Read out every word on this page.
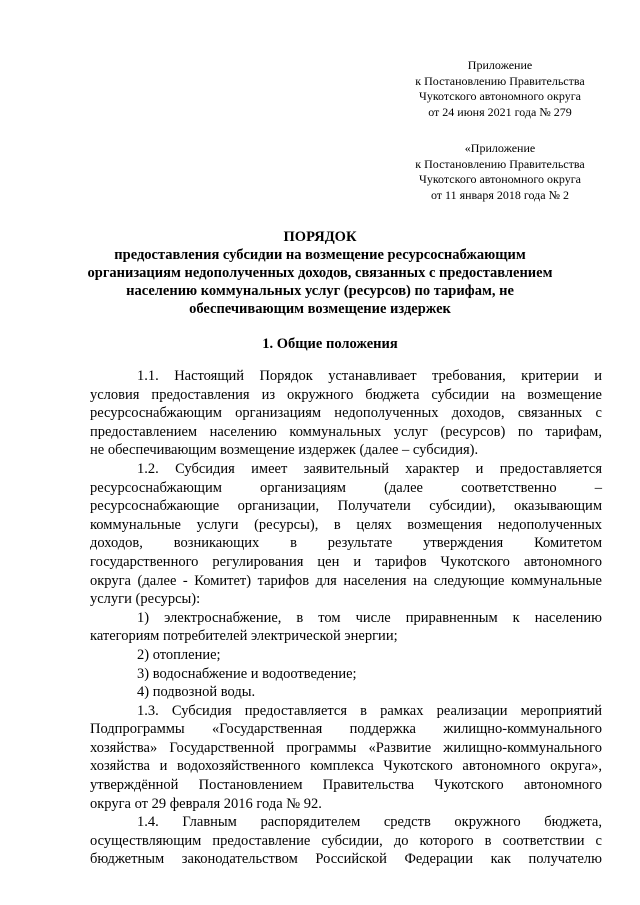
Приложение
к Постановлению Правительства
Чукотского автономного округа
от 24 июня 2021 года № 279
«Приложение
к Постановлению Правительства
Чукотского автономного округа
от 11 января 2018 года № 2
ПОРЯДОК
предоставления субсидии на возмещение ресурсоснабжающим
организациям недополученных доходов, связанных с предоставлением
населению коммунальных услуг (ресурсов) по тарифам, не
обеспечивающим возмещение издержек
1. Общие положения
1.1. Настоящий Порядок устанавливает требования, критерии и
условия предоставления из окружного бюджета субсидии на возмещение
ресурсоснабжающим организациям недополученных доходов, связанных с
предоставлением населению коммунальных услуг (ресурсов) по тарифам,
не обеспечивающим возмещение издержек (далее – субсидия).
1.2. Субсидия имеет заявительный характер и предоставляется
ресурсоснабжающим организациям (далее соответственно –
ресурсоснабжающие организации, Получатели субсидии), оказывающим
коммунальные услуги (ресурсы), в целях возмещения недополученных
доходов, возникающих в результате утверждения Комитетом
государственного регулирования цен и тарифов Чукотского автономного
округа (далее - Комитет) тарифов для населения на следующие коммунальные
услуги (ресурсы):
1) электроснабжение, в том числе приравненным к населению
категориям потребителей электрической энергии;
2) отопление;
3) водоснабжение и водоотведение;
4) подвозной воды.
1.3. Субсидия предоставляется в рамках реализации мероприятий
Подпрограммы «Государственная поддержка жилищно-коммунального
хозяйства» Государственной программы «Развитие жилищно-коммунального
хозяйства и водохозяйственного комплекса Чукотского автономного округа»,
утверждённой Постановлением Правительства Чукотского автономного
округа от 29 февраля 2016 года № 92.
1.4. Главным распорядителем средств окружного бюджета,
осуществляющим предоставление субсидии, до которого в соответствии с
бюджетным законодательством Российской Федерации как получателю
